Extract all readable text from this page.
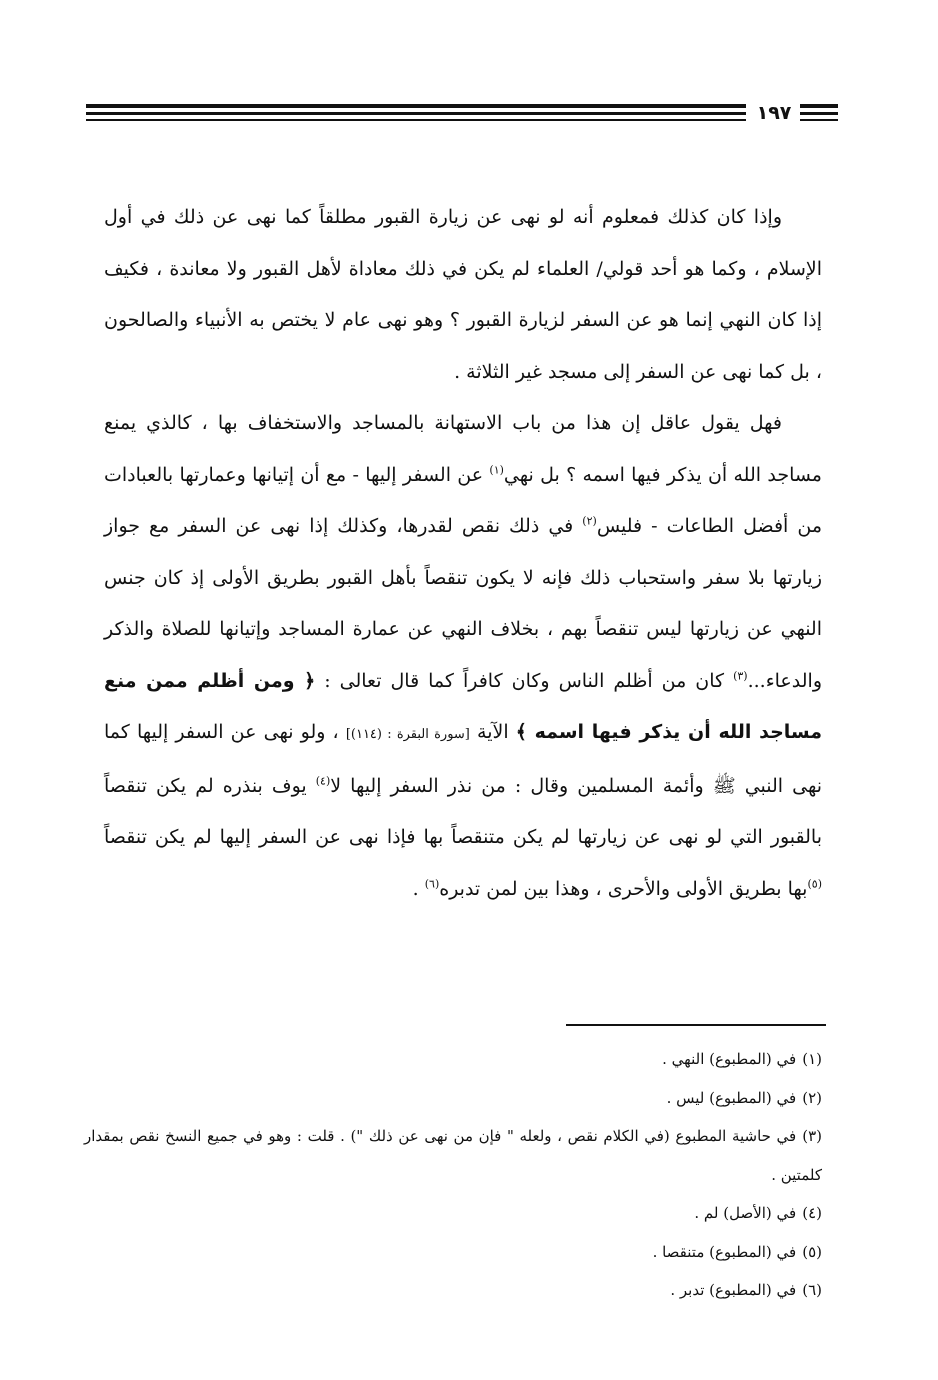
١٩٧

وإذا كان كذلك فمعلوم أنه لو نهى عن زيارة القبور مطلقاً كما نهى عن ذلك في أول الإسلام ، وكما هو أحد قولي/ العلماء لم يكن في ذلك معاداة لأهل القبور ولا معاندة ، فكيف إذا كان النهي إنما هو عن السفر لزيارة القبور ؟ وهو نهى عام لا يختص به الأنبياء والصالحون ، بل كما نهى عن السفر إلى مسجد غير الثلاثة .

فهل يقول عاقل إن هذا من باب الاستهانة بالمساجد والاستخفاف بها ، كالذي يمنع مساجد الله أن يذكر فيها اسمه ؟ بل نهي$^{(١)}$ عن السفر إليها - مع أن إتيانها وعمارتها بالعبادات من أفضل الطاعات - فليس$^{(٢)}$ في ذلك نقص لقدرها، وكذلك إذا نهى عن السفر مع جواز زيارتها بلا سفر واستحباب ذلك فإنه لا يكون تنقصاً بأهل القبور بطريق الأولى إذ كان جنس النهي عن زيارتها ليس تنقصاً بهم ، بخلاف النهي عن عمارة المساجد وإتيانها للصلاة والذكر والدعاء...$^{(٣)}$ كان من أظلم الناس وكان كافراً كما قال تعالى : ﴿ ومن أظلم ممن منع مساجد الله أن يذكر فيها اسمه ﴾ الآية [سورة البقرة : (١١٤)] ، ولو نهى عن السفر إليها كما نهى النبي ﷺ وأئمة المسلمين وقال : من نذر السفر إليها لا$^{(٤)}$ يوف بنذره لم يكن تنقصاً بالقبور التي لو نهى عن زيارتها لم يكن متنقصاً بها فإذا نهى عن السفر إليها لم يكن تنقصاً $^{(٥)}$بها بطريق الأولى والأحرى ، وهذا بين لمن تدبره$^{(٦)}$ .

(١)في (المطبوع) النهي .

(٢)في (المطبوع) ليس .

(٣)في حاشية المطبوع (في الكلام نقص ، ولعله " فإن من نهى عن ذلك ") . قلت : وهو في جميع النسخ نقص بمقدار كلمتين .

(٤)في (الأصل) لم .

(٥)في (المطبوع) متنقصا .

(٦)في (المطبوع) تدبر .
